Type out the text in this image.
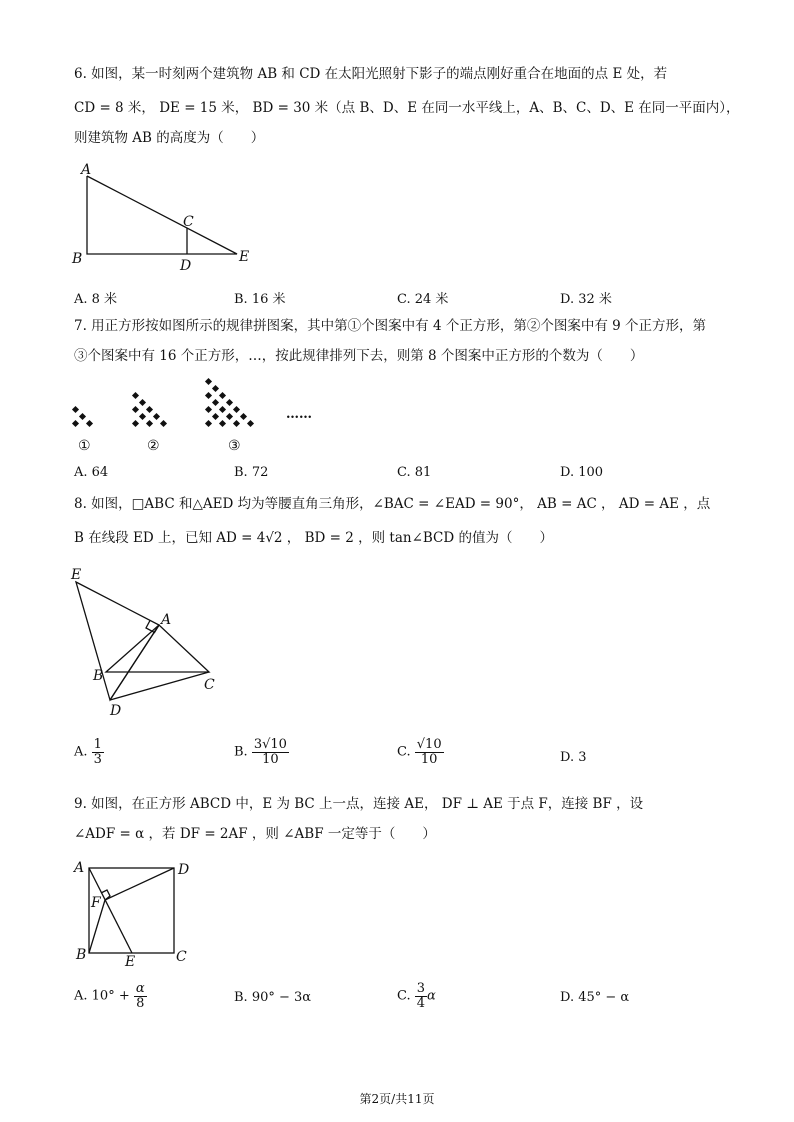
6. 如图，某一时刻两个建筑物 AB 和 CD 在太阳光照射下影子的端点刚好重合在地面的点 E 处，若
CD = 8 米， DE = 15 米， BD = 30 米（点 B、D、E 在同一水平线上，A、B、C、D、E 在同一平面内），
则建筑物 AB 的高度为（　　）
A
B
C
D
E
A. 8 米	B. 16 米	C. 24 米	D. 32 米
7. 用正方形按如图所示的规律拼图案，其中第①个图案中有 4 个正方形，第②个图案中有 9 个正方形，第
③个图案中有 16 个正方形，…，按此规律排列下去，则第 8 个图案中正方形的个数为（　　）
……
①	②	③
A. 64	B. 72	C. 81	D. 100
8. 如图，□ABC 和△AED 均为等腰直角三角形，∠BAC = ∠EAD = 90°， AB = AC ， AD = AE ，点
B 在线段 ED 上，已知 AD = 4√2 ， BD = 2 ，则 tan∠BCD 的值为（　　）
E
A
B
C
D
A. $\frac{1}{3}$	B. $\frac{3√10}{10}$	C. $\frac{√10}{10}$	D. 3
9. 如图，在正方形 ABCD 中，E 为 BC 上一点，连接 AE， DF ⊥ AE 于点 F，连接 BF ，设
∠ADF = α ，若 DF = 2AF ，则 ∠ABF 一定等于（　　）
A	D
F
B	E	C
A. $10^\circ + \frac{\alpha}{8}$	B. 90° − 3α	C. $\frac{3}{4}$ α	D. 45° − α
第2页/共11页
